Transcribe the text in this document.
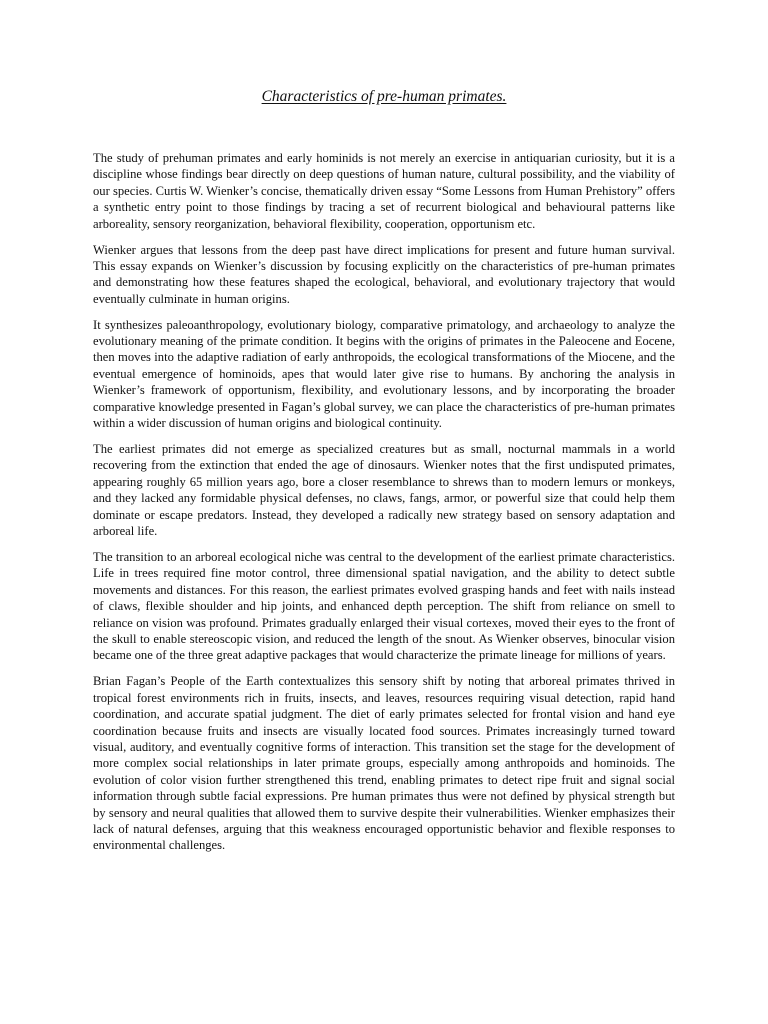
Characteristics of pre-human primates.

The study of prehuman primates and early hominids is not merely an exercise in antiquarian curiosity, but it is a discipline whose findings bear directly on deep questions of human nature, cultural possibility, and the viability of our species. Curtis W. Wienker’s concise, thematically driven essay “Some Lessons from Human Prehistory” offers a synthetic entry point to those findings by tracing a set of recurrent biological and behavioural patterns like arboreality, sensory reorganization, behavioral flexibility, cooperation, opportunism etc.

Wienker argues that lessons from the deep past have direct implications for present and future human survival. This essay expands on Wienker’s discussion by focusing explicitly on the characteristics of pre-human primates and demonstrating how these features shaped the ecological, behavioral, and evolutionary trajectory that would eventually culminate in human origins.

It synthesizes paleoanthropology, evolutionary biology, comparative primatology, and archaeology to analyze the evolutionary meaning of the primate condition. It begins with the origins of primates in the Paleocene and Eocene, then moves into the adaptive radiation of early anthropoids, the ecological transformations of the Miocene, and the eventual emergence of hominoids, apes that would later give rise to humans. By anchoring the analysis in Wienker’s framework of opportunism, flexibility, and evolutionary lessons, and by incorporating the broader comparative knowledge presented in Fagan’s global survey, we can place the characteristics of pre-human primates within a wider discussion of human origins and biological continuity.

The earliest primates did not emerge as specialized creatures but as small, nocturnal mammals in a world recovering from the extinction that ended the age of dinosaurs. Wienker notes that the first undisputed primates, appearing roughly 65 million years ago, bore a closer resemblance to shrews than to modern lemurs or monkeys, and they lacked any formidable physical defenses, no claws, fangs, armor, or powerful size that could help them dominate or escape predators. Instead, they developed a radically new strategy based on sensory adaptation and arboreal life.

The transition to an arboreal ecological niche was central to the development of the earliest primate characteristics. Life in trees required fine motor control, three dimensional spatial navigation, and the ability to detect subtle movements and distances. For this reason, the earliest primates evolved grasping hands and feet with nails instead of claws, flexible shoulder and hip joints, and enhanced depth perception. The shift from reliance on smell to reliance on vision was profound. Primates gradually enlarged their visual cortexes, moved their eyes to the front of the skull to enable stereoscopic vision, and reduced the length of the snout. As Wienker observes, binocular vision became one of the three great adaptive packages that would characterize the primate lineage for millions of years.

Brian Fagan’s People of the Earth contextualizes this sensory shift by noting that arboreal primates thrived in tropical forest environments rich in fruits, insects, and leaves, resources requiring visual detection, rapid hand coordination, and accurate spatial judgment. The diet of early primates selected for frontal vision and hand eye coordination because fruits and insects are visually located food sources. Primates increasingly turned toward visual, auditory, and eventually cognitive forms of interaction. This transition set the stage for the development of more complex social relationships in later primate groups, especially among anthropoids and hominoids. The evolution of color vision further strengthened this trend, enabling primates to detect ripe fruit and signal social information through subtle facial expressions. Pre human primates thus were not defined by physical strength but by sensory and neural qualities that allowed them to survive despite their vulnerabilities. Wienker emphasizes their lack of natural defenses, arguing that this weakness encouraged opportunistic behavior and flexible responses to environmental challenges.
